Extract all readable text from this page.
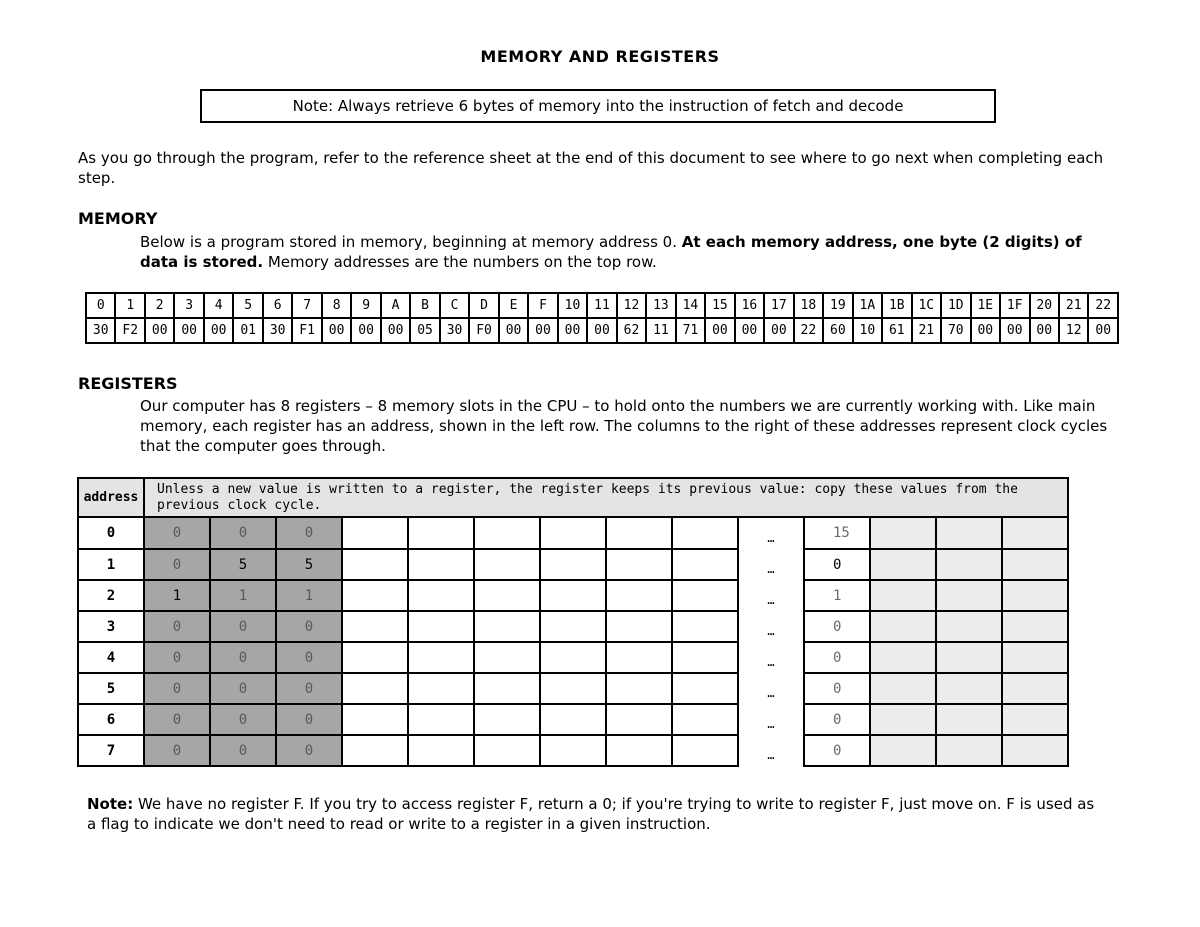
MEMORY AND REGISTERS
Note: Always retrieve 6 bytes of memory into the instruction of fetch and decode
As you go through the program, refer to the reference sheet at the end of this document to see where to go next when completing each step.
MEMORY
Below is a program stored in memory, beginning at memory address 0. At each memory address, one byte (2 digits) of data is stored. Memory addresses are the numbers on the top row.
0	1	2	3	4	5	6	7	8	9	A	B	C	D	E	F	10	11	12	13	14	15	16	17	18	19	1A	1B	1C	1D	1E	1F	20	21	22
30	F2	00	00	00	01	30	F1	00	00	00	05	30	F0	00	00	00	00	62	11	71	00	00	00	22	60	10	61	21	70	00	00	00	12	00
REGISTERS
Our computer has 8 registers – 8 memory slots in the CPU – to hold onto the numbers we are currently working with. Like main memory, each register has an address, shown in the left row. The columns to the right of these addresses represent clock cycles that the computer goes through.
address	Unless a new value is written to a register, the register keeps its previous value: copy these values from the previous clock cycle.													
0	0	0	0							…	15			
1	0	5	5							…	0			
2	1	1	1							…	1			
3	0	0	0							…	0			
4	0	0	0							…	0			
5	0	0	0							…	0			
6	0	0	0							…	0			
7	0	0	0							…	0			
Note: We have no register F. If you try to access register F, return a 0; if you're trying to write to register F, just move on. F is used as a flag to indicate we don't need to read or write to a register in a given instruction.
